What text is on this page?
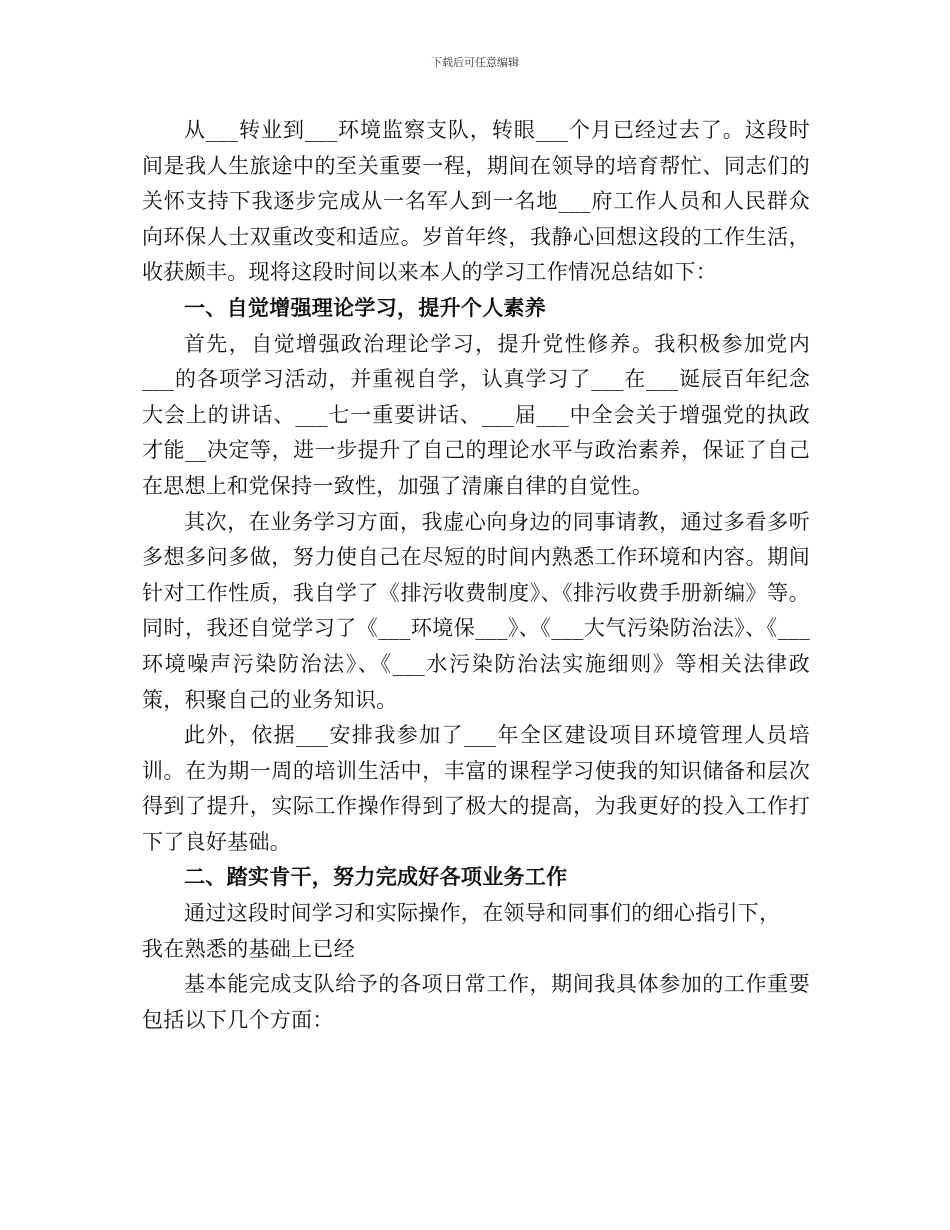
下载后可任意编辑

从___转业到___环境监察支队，转眼___个月已经过去了。这段时间是我人生旅途中的至关重要一程，期间在领导的培育帮忙、同志们的关怀支持下我逐步完成从一名军人到一名地___府工作人员和人民群众向环保人士双重改变和适应。岁首年终，我静心回想这段的工作生活，收获颇丰。现将这段时间以来本人的学习工作情况总结如下：

一、自觉增强理论学习，提升个人素养

首先，自觉增强政治理论学习，提升党性修养。我积极参加党内___的各项学习活动，并重视自学，认真学习了___在___诞辰百年纪念大会上的讲话、___七一重要讲话、___届___中全会关于增强党的执政才能__决定等，进一步提升了自己的理论水平与政治素养，保证了自己在思想上和党保持一致性，加强了清廉自律的自觉性。

其次，在业务学习方面，我虚心向身边的同事请教，通过多看多听多想多问多做，努力使自己在尽短的时间内熟悉工作环境和内容。期间针对工作性质，我自学了《排污收费制度》、《排污收费手册新编》等。同时，我还自觉学习了《___环境保___》、《___大气污染防治法》、《___环境噪声污染防治法》、《___水污染防治法实施细则》等相关法律政策，积聚自己的业务知识。

此外，依据___安排我参加了___年全区建设项目环境管理人员培训。在为期一周的培训生活中，丰富的课程学习使我的知识储备和层次得到了提升，实际工作操作得到了极大的提高，为我更好的投入工作打下了良好基础。

二、踏实肯干，努力完成好各项业务工作

通过这段时间学习和实际操作，在领导和同事们的细心指引下，

我在熟悉的基础上已经

基本能完成支队给予的各项日常工作，期间我具体参加的工作重要包括以下几个方面：
